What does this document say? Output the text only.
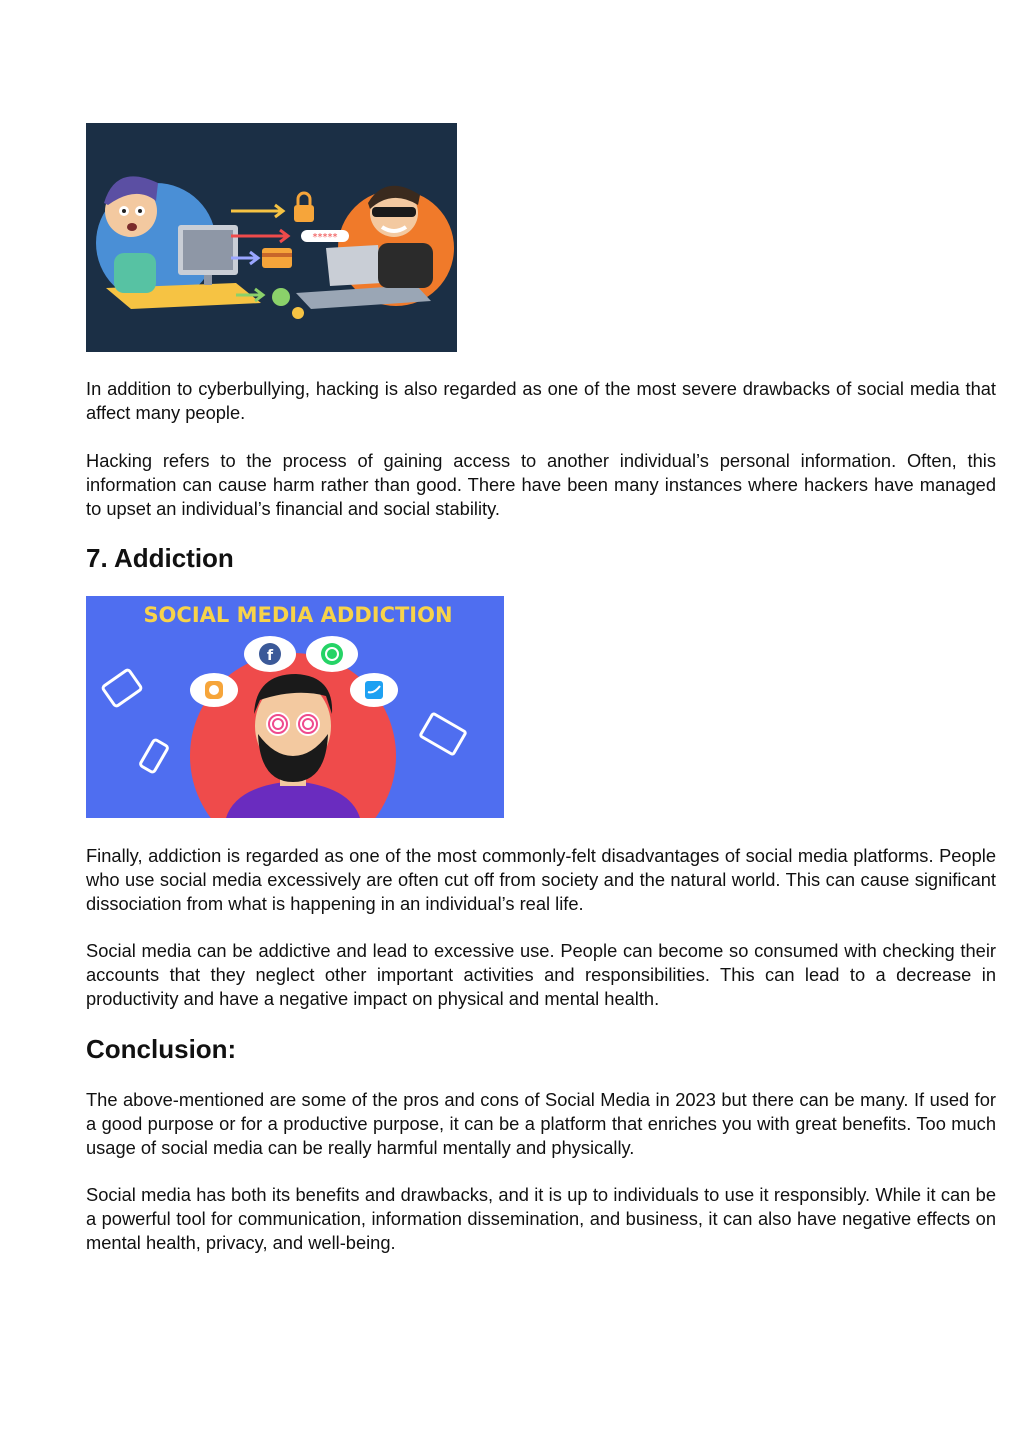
*****

In addition to cyberbullying, hacking is also regarded as one of the most severe drawbacks of social media that affect many people.

Hacking refers to the process of gaining access to another individual’s personal information. Often, this information can cause harm rather than good. There have been many instances where hackers have managed to upset an individual’s financial and social stability.

7. Addiction
SOCIAL MEDIA ADDICTION
f

Finally, addiction is regarded as one of the most commonly-felt disadvantages of social media platforms. People who use social media excessively are often cut off from society and the natural world. This can cause significant dissociation from what is happening in an individual’s real life.

Social media can be addictive and lead to excessive use. People can become so consumed with checking their accounts that they neglect other important activities and responsibilities. This can lead to a decrease in productivity and have a negative impact on physical and mental health.

Conclusion:

The above-mentioned are some of the pros and cons of Social Media in 2023 but there can be many. If used for a good purpose or for a productive purpose, it can be a platform that enriches you with great benefits. Too much usage of social media can be really harmful mentally and physically.

Social media has both its benefits and drawbacks, and it is up to individuals to use it responsibly. While it can be a powerful tool for communication, information dissemination, and business, it can also have negative effects on mental health, privacy, and well-being.
